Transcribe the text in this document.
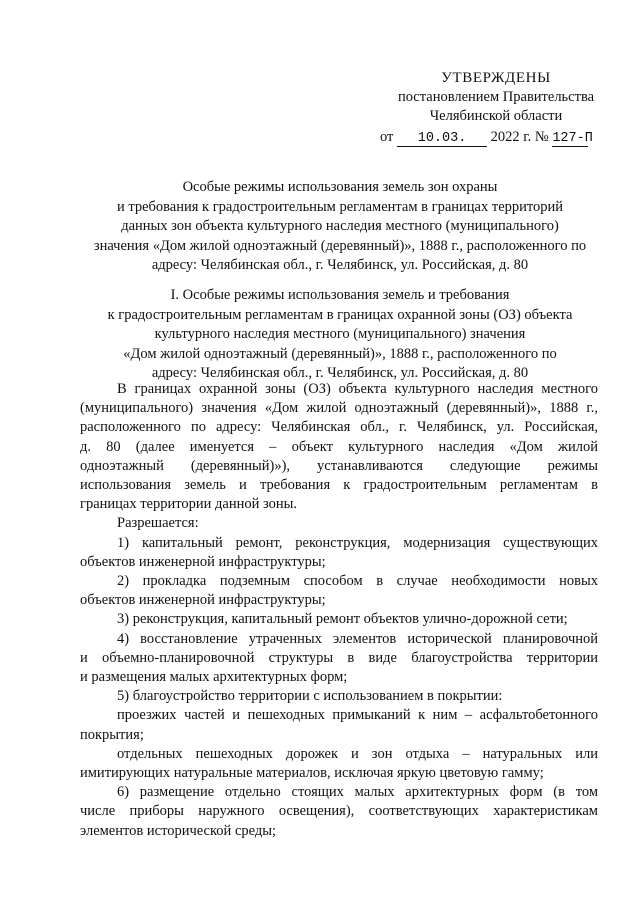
УТВЕРЖДЕНЫ
постановлением Правительства
Челябинской области
от 10.03. 2022 г. № 127-П
Особые режимы использования земель зон охраны
и требования к градостроительным регламентам в границах территорий
данных зон объекта культурного наследия местного (муниципального)
значения «Дом жилой одноэтажный (деревянный)», 1888 г., расположенного по
адресу: Челябинская обл., г. Челябинск, ул. Российская, д. 80
I. Особые режимы использования земель и требования
к градостроительным регламентам в границах охранной зоны (ОЗ) объекта
культурного наследия местного (муниципального) значения
«Дом жилой одноэтажный (деревянный)», 1888 г., расположенного по
адресу: Челябинская обл., г. Челябинск, ул. Российская, д. 80
В границах охранной зоны (ОЗ) объекта культурного наследия местного
(муниципального) значения «Дом жилой одноэтажный (деревянный)», 1888 г.,
расположенного по адресу: Челябинская обл., г. Челябинск, ул. Российская,
д. 80 (далее именуется – объект культурного наследия «Дом жилой
одноэтажный (деревянный)»), устанавливаются следующие режимы
использования земель и требования к градостроительным регламентам в
границах территории данной зоны.
Разрешается:
1) капитальный ремонт, реконструкция, модернизация существующих
объектов инженерной инфраструктуры;
2) прокладка подземным способом в случае необходимости новых
объектов инженерной инфраструктуры;
3) реконструкция, капитальный ремонт объектов улично-дорожной сети;
4) восстановление утраченных элементов исторической планировочной
и объемно-планировочной структуры в виде благоустройства территории
и размещения малых архитектурных форм;
5) благоустройство территории с использованием в покрытии:
проезжих частей и пешеходных примыканий к ним – асфальтобетонного
покрытия;
отдельных пешеходных дорожек и зон отдыха – натуральных или
имитирующих натуральные материалов, исключая яркую цветовую гамму;
6) размещение отдельно стоящих малых архитектурных форм (в том
числе приборы наружного освещения), соответствующих характеристикам
элементов исторической среды;
